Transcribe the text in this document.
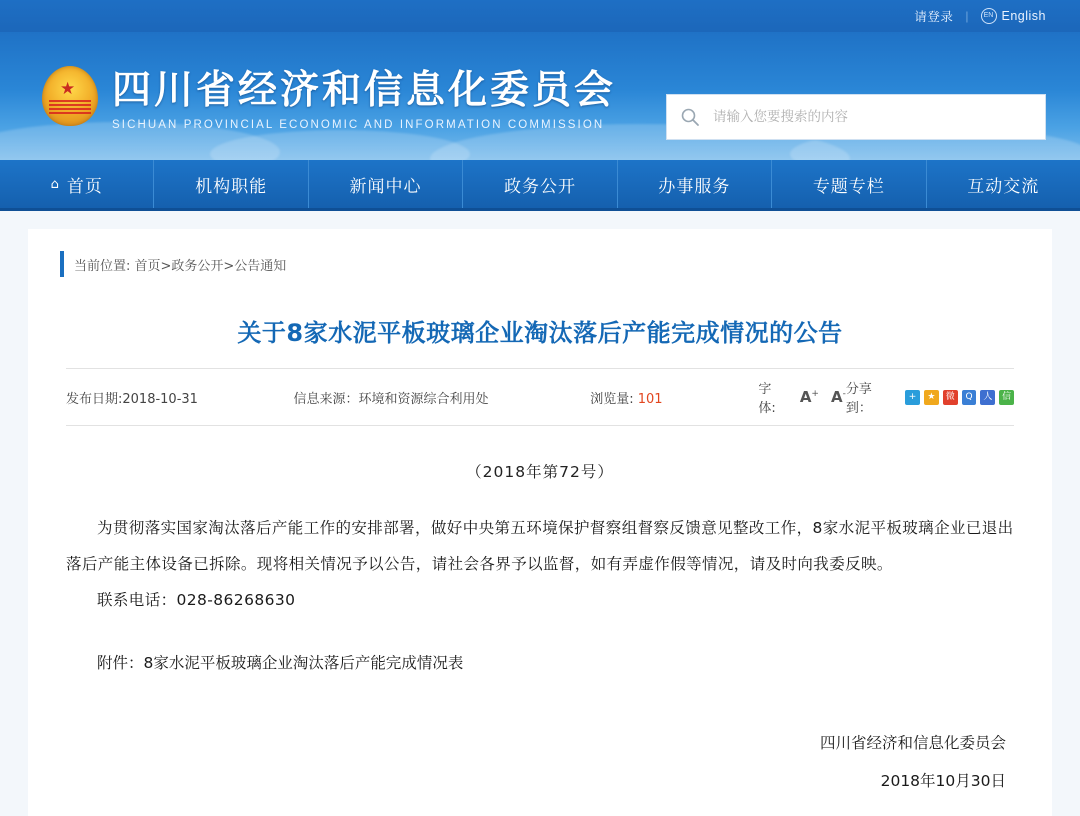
请登录 |	EN English
★ 四川省经济和信息化委员会
SICHUAN PROVINCIAL ECONOMIC AND INFORMATION COMMISSION
请输入您要搜索的内容
⌂ 首页	机构职能	新闻中心	政务公开	办事服务	专题专栏	互动交流
当前位置: 首页>政务公开>公告通知
关于8家水泥平板玻璃企业淘汰落后产能完成情况的公告
发布日期:2018-10-31	信息来源：环境和资源综合利用处	浏览量: 101
字体:
A+ A- 分享到：
+	★	微	Q	人	信
（2018年第72号）
为贯彻落实国家淘汰落后产能工作的安排部署，做好中央第五环境保护督察组督察反馈意见整改工作，8家水泥平板玻璃企业已退出落后产能主体设备已拆除。现将相关情况予以公告，请社会各界予以监督，如有弄虚作假等情况，请及时向我委反映。
联系电话：028-86268630
附件：8家水泥平板玻璃企业淘汰落后产能完成情况表
四川省经济和信息化委员会
2018年10月30日
